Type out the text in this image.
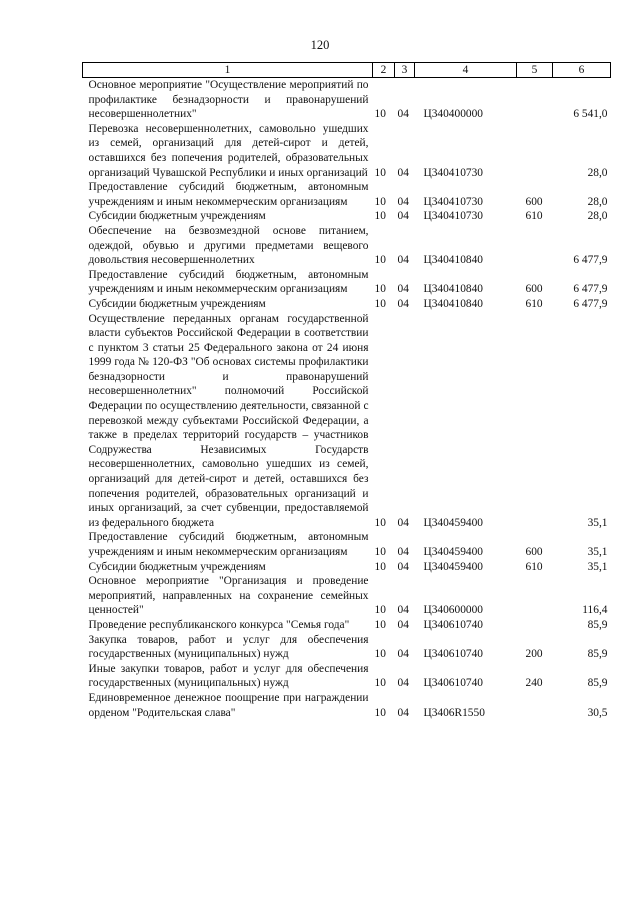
120
1	2	3	4	5	6
Основное мероприятие "Осуществление мероприятий по профилактике безнадзорности и правонарушений несовершеннолетних"	10	04	Ц340400000		6 541,0
Перевозка несовершеннолетних, самовольно ушедших из семей, организаций для детей-сирот и детей, оставшихся без попечения родителей, образовательных организаций Чувашской Республики и иных организаций	10	04	Ц340410730		28,0
Предоставление субсидий бюджетным, автономным учреждениям и иным некоммерческим организациям	10	04	Ц340410730	600	28,0
Субсидии бюджетным учреждениям	10	04	Ц340410730	610	28,0
Обеспечение на безвозмездной основе питанием, одеждой, обувью и другими предметами вещевого довольствия несовершеннолетних	10	04	Ц340410840		6 477,9
Предоставление субсидий бюджетным, автономным учреждениям и иным некоммерческим организациям	10	04	Ц340410840	600	6 477,9
Субсидии бюджетным учреждениям	10	04	Ц340410840	610	6 477,9
Осуществление переданных органам государственной власти субъектов Российской Федерации в соответствии с пунктом 3 статьи 25 Федерального закона от 24 июня 1999 года № 120-ФЗ "Об основах системы профилактики безнадзорности и правонарушений несовершеннолетних" полномочий Российской Федерации по осуществлению деятельности, связанной с перевозкой между субъектами Российской Федерации, а также в пределах территорий государств – участников Содружества Независимых Государств несовершеннолетних, самовольно ушедших из семей, организаций для детей-сирот и детей, оставшихся без попечения родителей, образовательных организаций и иных организаций, за счет субвенции, предоставляемой из федерального бюджета	10	04	Ц340459400		35,1
Предоставление субсидий бюджетным, автономным учреждениям и иным некоммерческим организациям	10	04	Ц340459400	600	35,1
Субсидии бюджетным учреждениям	10	04	Ц340459400	610	35,1
Основное мероприятие "Организация и проведение мероприятий, направленных на сохранение семейных ценностей"	10	04	Ц340600000		116,4
Проведение республиканского конкурса "Семья года"	10	04	Ц340610740		85,9
Закупка товаров, работ и услуг для обеспечения государственных (муниципальных) нужд	10	04	Ц340610740	200	85,9
Иные закупки товаров, работ и услуг для обеспечения государственных (муниципальных) нужд	10	04	Ц340610740	240	85,9
Единовременное денежное поощрение при награждении орденом "Родительская слава"	10	04	Ц3406R1550		30,5
